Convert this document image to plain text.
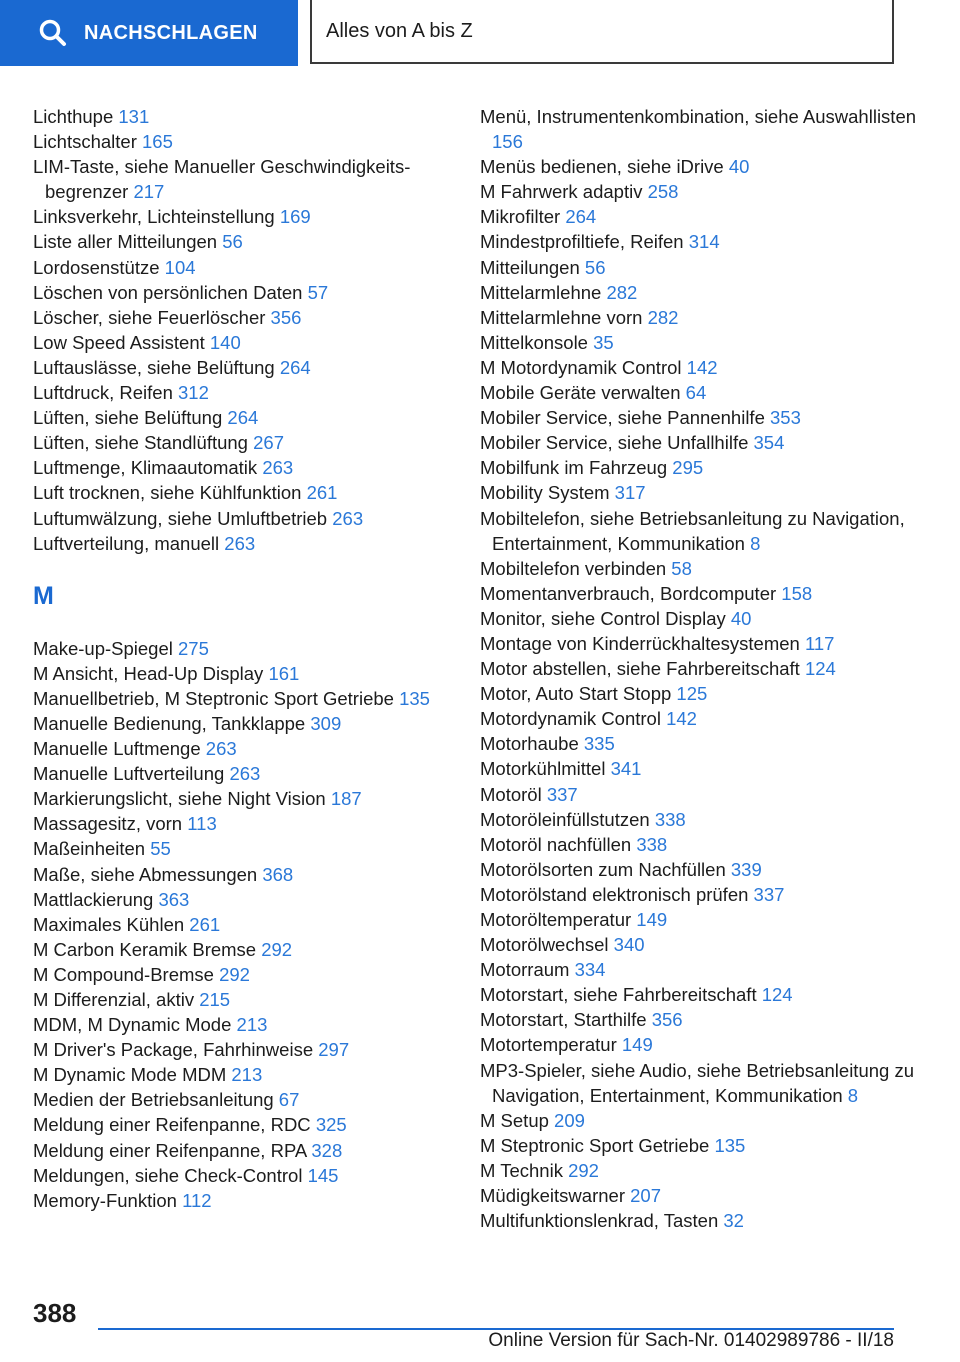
NACHSCHLAGEN	Alles von A bis Z
Lichthupe 131
Lichtschalter 165
LIM-Taste, siehe Manueller Geschwindigkeitsbegrenzer 217
Linksverkehr, Lichteinstellung 169
Liste aller Mitteilungen 56
Lordosenstütze 104
Löschen von persönlichen Daten 57
Löscher, siehe Feuerlöscher 356
Low Speed Assistent 140
Luftauslässe, siehe Belüftung 264
Luftdruck, Reifen 312
Lüften, siehe Belüftung 264
Lüften, siehe Standlüftung 267
Luftmenge, Klimaautomatik 263
Luft trocknen, siehe Kühlfunktion 261
Luftumwälzung, siehe Umluftbetrieb 263
Luftverteilung, manuell 263
M
Make-up-Spiegel 275
M Ansicht, Head-Up Display 161
Manuellbetrieb, M Steptronic Sport Getriebe 135
Manuelle Bedienung, Tankklappe 309
Manuelle Luftmenge 263
Manuelle Luftverteilung 263
Markierungslicht, siehe Night Vision 187
Massagesitz, vorn 113
Maßeinheiten 55
Maße, siehe Abmessungen 368
Mattlackierung 363
Maximales Kühlen 261
M Carbon Keramik Bremse 292
M Compound-Bremse 292
M Differenzial, aktiv 215
MDM, M Dynamic Mode 213
M Driver's Package, Fahrhinweise 297
M Dynamic Mode MDM 213
Medien der Betriebsanleitung 67
Meldung einer Reifenpanne, RDC 325
Meldung einer Reifenpanne, RPA 328
Meldungen, siehe Check-Control 145
Memory-Funktion 112
Menü, Instrumentenkombination, siehe Auswahllisten 156
Menüs bedienen, siehe iDrive 40
M Fahrwerk adaptiv 258
Mikrofilter 264
Mindestprofiltiefe, Reifen 314
Mitteilungen 56
Mittelarmlehne 282
Mittelarmlehne vorn 282
Mittelkonsole 35
M Motordynamik Control 142
Mobile Geräte verwalten 64
Mobiler Service, siehe Pannenhilfe 353
Mobiler Service, siehe Unfallhilfe 354
Mobilfunk im Fahrzeug 295
Mobility System 317
Mobiltelefon, siehe Betriebsanleitung zu Navigation, Entertainment, Kommunikation 8
Mobiltelefon verbinden 58
Momentanverbrauch, Bordcomputer 158
Monitor, siehe Control Display 40
Montage von Kinderrückhaltesystemen 117
Motor abstellen, siehe Fahrbereitschaft 124
Motor, Auto Start Stopp 125
Motordynamik Control 142
Motorhaube 335
Motorkühlmittel 341
Motoröl 337
Motoröleinfüllstutzen 338
Motoröl nachfüllen 338
Motorölsorten zum Nachfüllen 339
Motorölstand elektronisch prüfen 337
Motoröltemperatur 149
Motorölwechsel 340
Motorraum 334
Motorstart, siehe Fahrbereitschaft 124
Motorstart, Starthilfe 356
Motortemperatur 149
MP3-Spieler, siehe Audio, siehe Betriebsanleitung zu Navigation, Entertainment, Kommunikation 8
M Setup 209
M Steptronic Sport Getriebe 135
M Technik 292
Müdigkeitswarner 207
Multifunktionslenkrad, Tasten 32
388
Online Version für Sach-Nr. 01402989786 - II/18
